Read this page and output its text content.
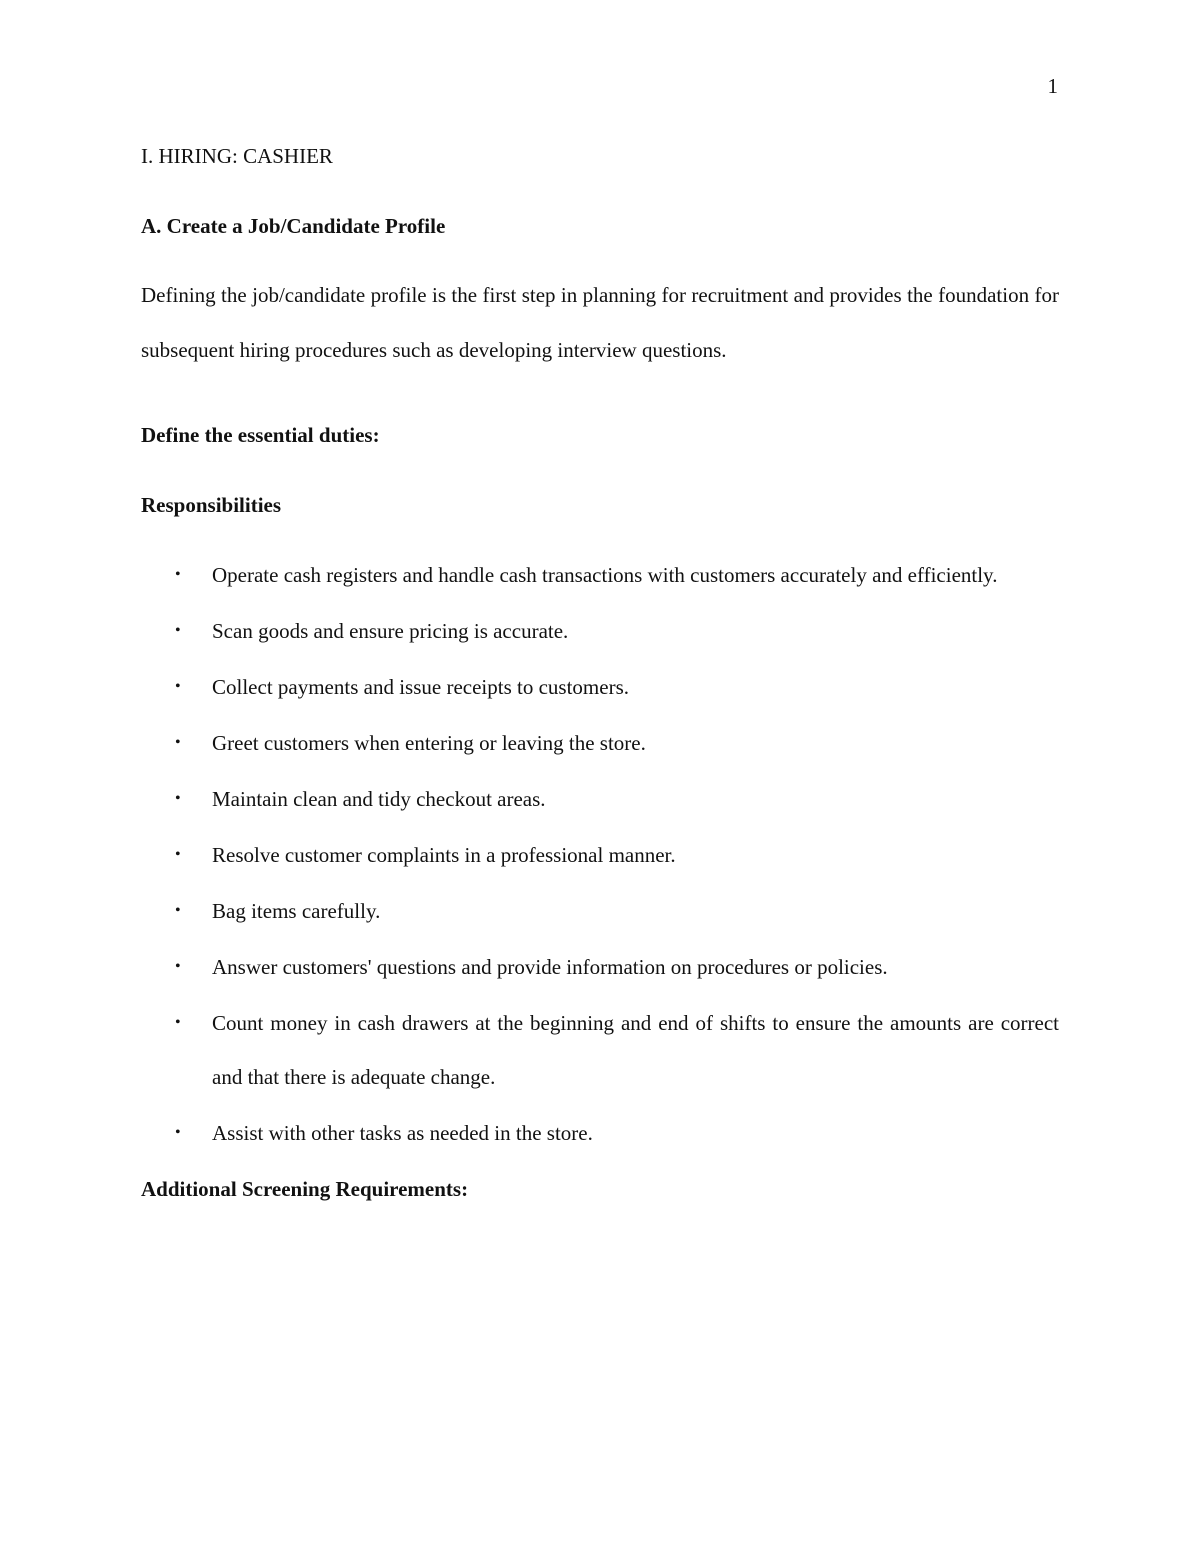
1
I. HIRING: CASHIER
A. Create a Job/Candidate Profile
Defining the job/candidate profile is the first step in planning for recruitment and provides the foundation for subsequent hiring procedures such as developing interview questions.
Define the essential duties:
Responsibilities
• Operate cash registers and handle cash transactions with customers accurately and efficiently.
• Scan goods and ensure pricing is accurate.
• Collect payments and issue receipts to customers.
• Greet customers when entering or leaving the store.
• Maintain clean and tidy checkout areas.
• Resolve customer complaints in a professional manner.
• Bag items carefully.
• Answer customers' questions and provide information on procedures or policies.
• Count money in cash drawers at the beginning and end of shifts to ensure the amounts are correct and that there is adequate change.
• Assist with other tasks as needed in the store.
Additional Screening Requirements:
